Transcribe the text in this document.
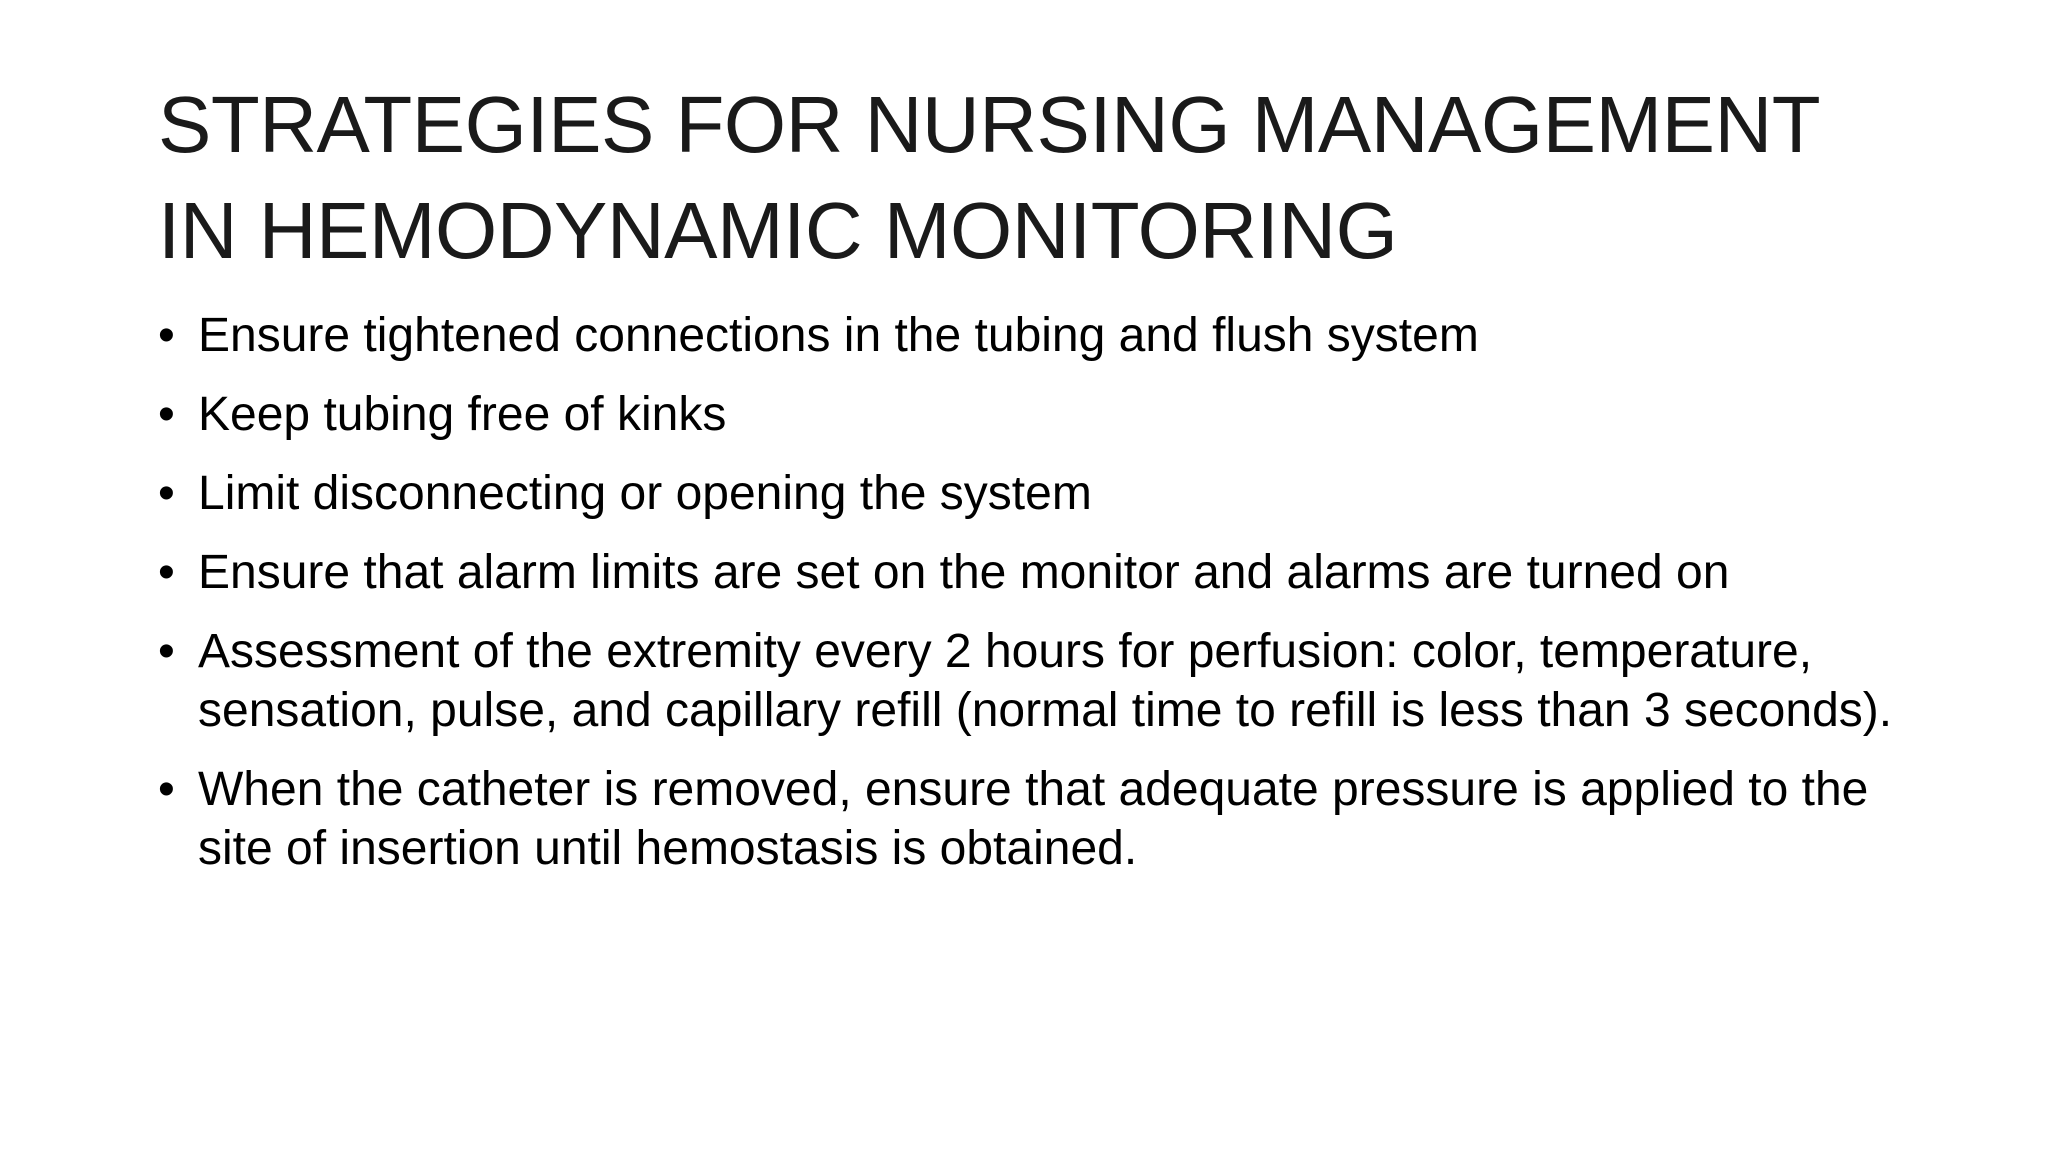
STRATEGIES FOR NURSING MANAGEMENT IN HEMODYNAMIC MONITORING
• Ensure tightened connections in the tubing and flush system
• Keep tubing free of kinks
• Limit disconnecting or opening the system
• Ensure that alarm limits are set on the monitor and alarms are turned on
• Assessment of the extremity every 2 hours for perfusion: color, temperature, sensation, pulse, and capillary refill (normal time to refill is less than 3 seconds).
• When the catheter is removed, ensure that adequate pressure is applied to the site of insertion until hemostasis is obtained.
